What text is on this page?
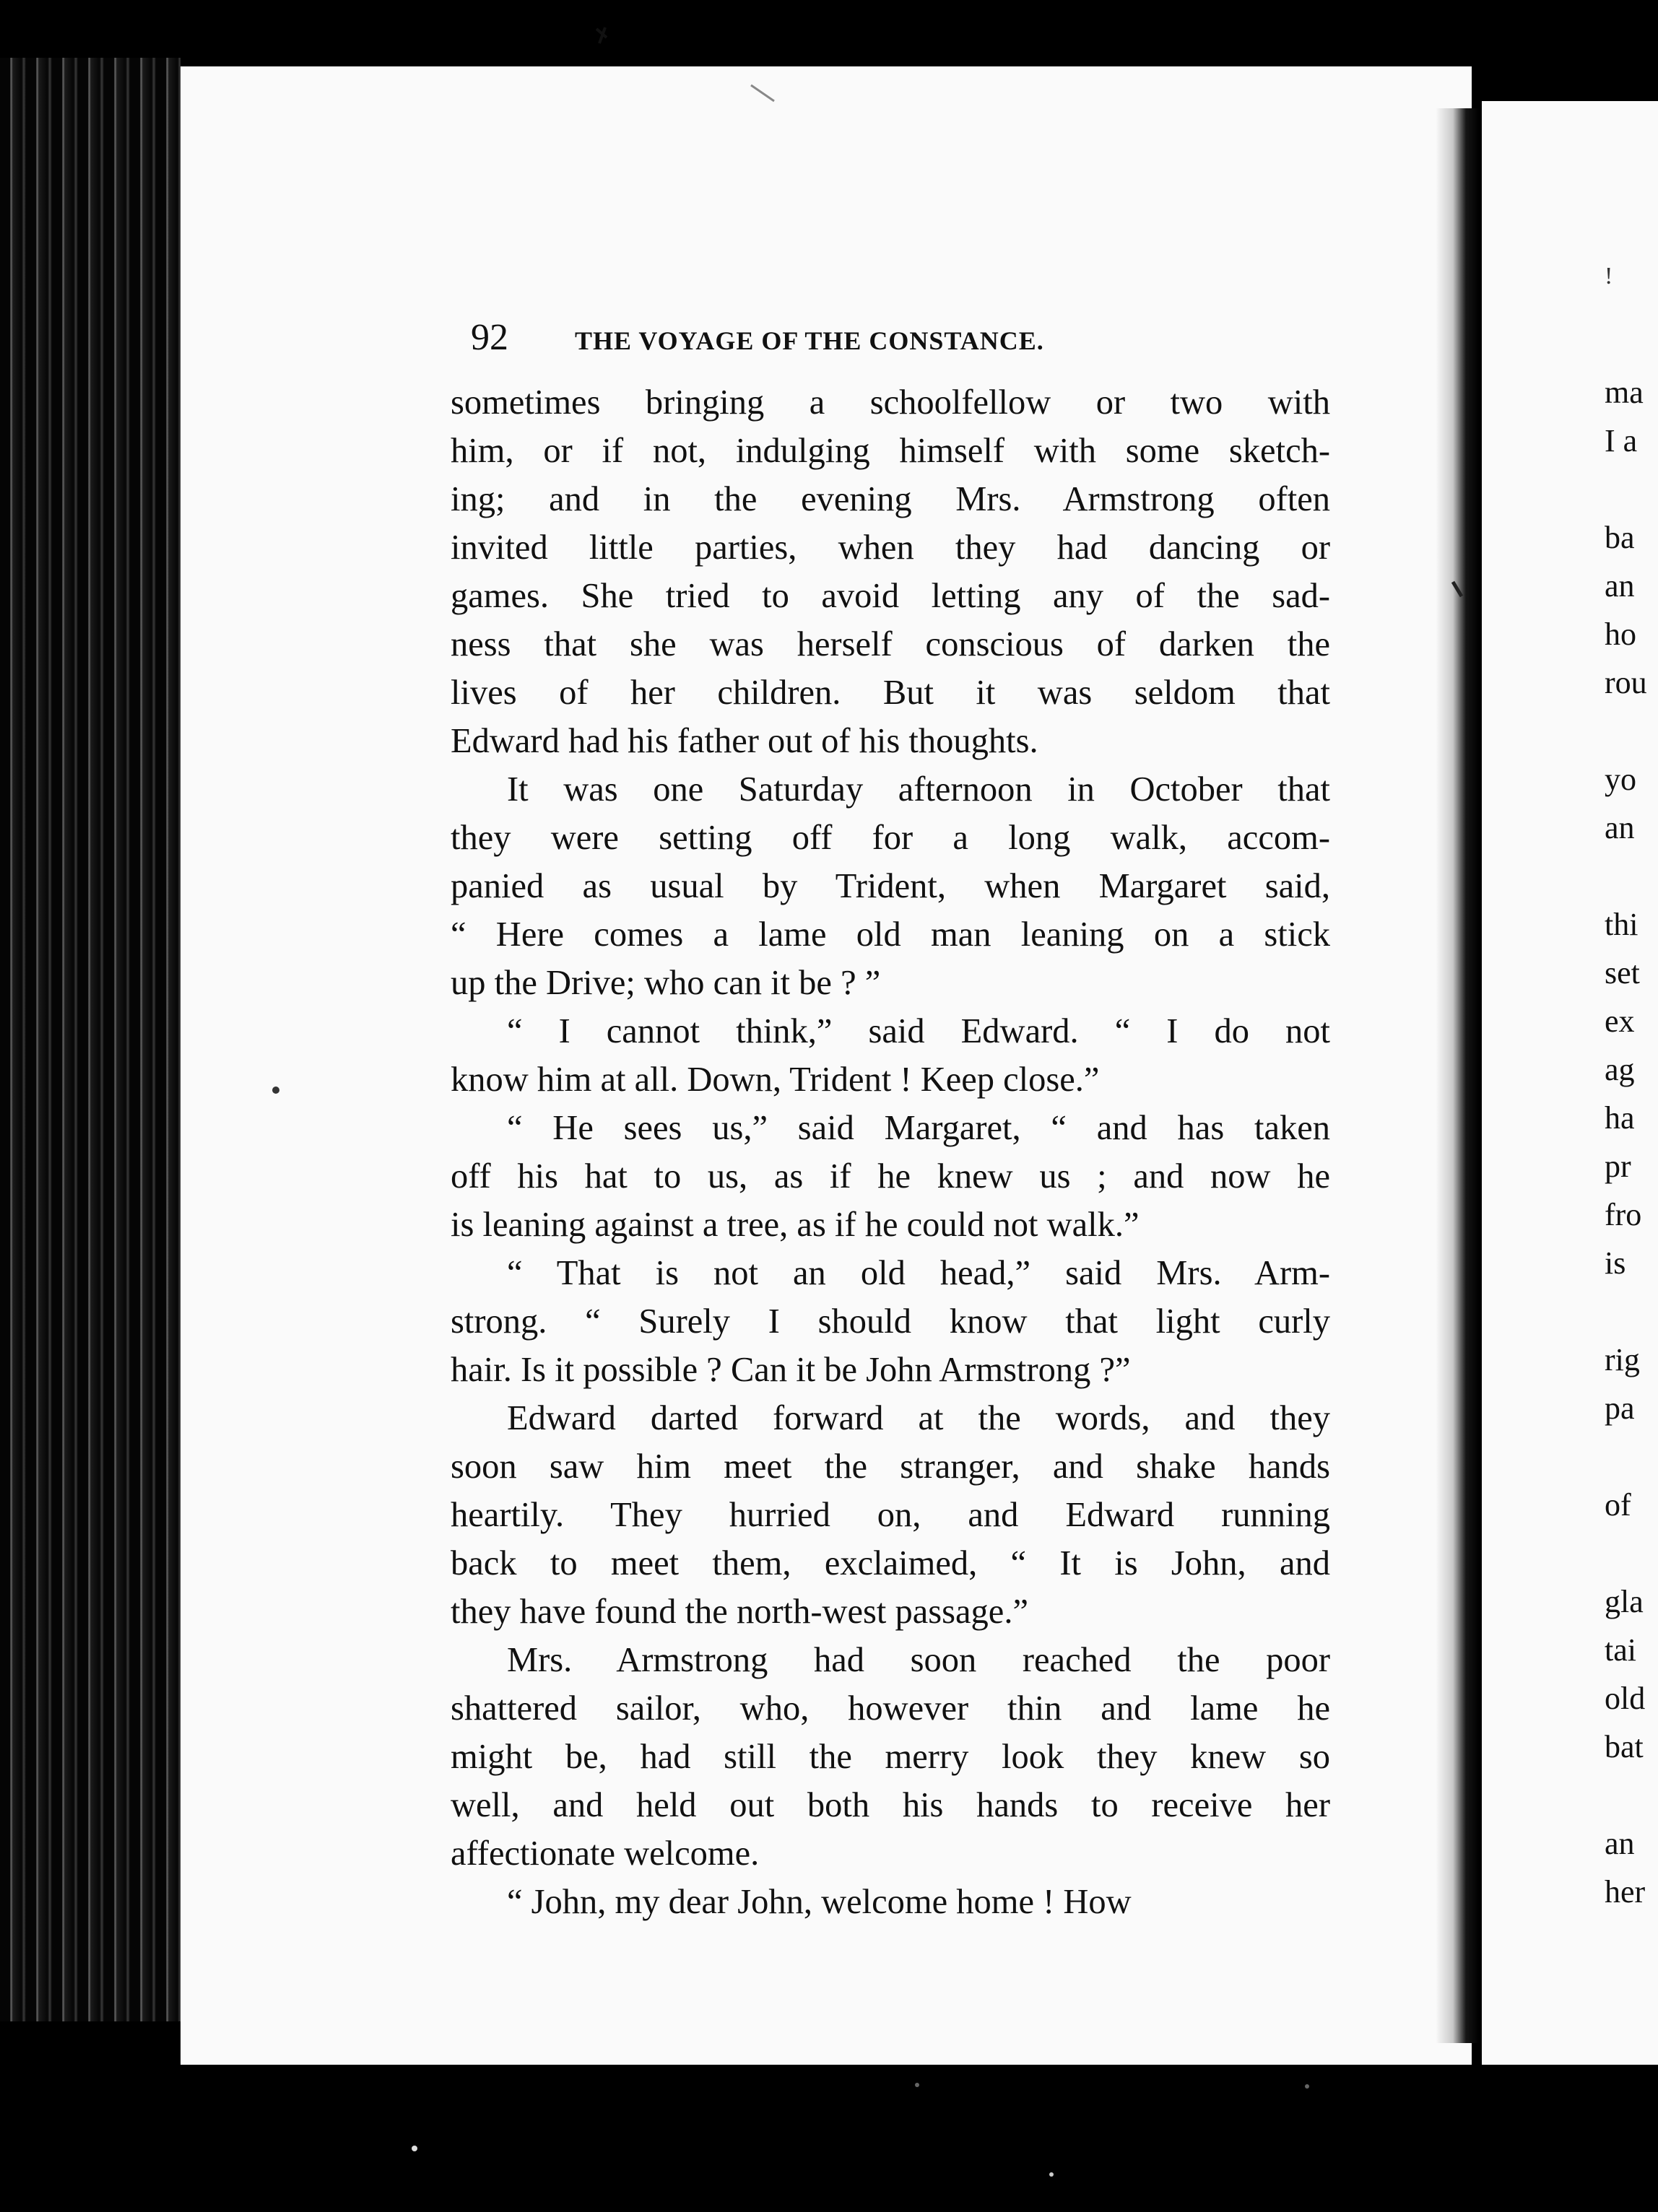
92	THE VOYAGE OF THE CONSTANCE.

sometimes bringing a schoolfellow or two with

him, or if not, indulging himself with some sketch-

ing; and in the evening Mrs. Armstrong often

invited little parties, when they had dancing or

games. She tried to avoid letting any of the sad-

ness that she was herself conscious of darken the

lives of her children. But it was seldom that

Edward had his father out of his thoughts.

It was one Saturday afternoon in October that

they were setting off for a long walk, accom-

panied as usual by Trident, when Margaret said,

“ Here comes a lame old man leaning on a stick

up the Drive; who can it be ? ”

“ I cannot think,” said Edward. “ I do not

know him at all. Down, Trident ! Keep close.”

“ He sees us,” said Margaret, “ and has taken

off his hat to us, as if he knew us ; and now he

is leaning against a tree, as if he could not walk.”

“ That is not an old head,” said Mrs. Arm-

strong. “ Surely I should know that light curly

hair. Is it possible ? Can it be John Armstrong ?”

Edward darted forward at the words, and they

soon saw him meet the stranger, and shake hands

heartily. They hurried on, and Edward running

back to meet them, exclaimed, “ It is John, and

they have found the north-west passage.”

Mrs. Armstrong had soon reached the poor

shattered sailor, who, however thin and lame he

might be, had still the merry look they knew so

well, and held out both his hands to receive her

affectionate welcome.

“ John, my dear John, welcome home ! How

!
ma
I a
ba
an
ho
rou
yo
an
thi
set
ex
ag
ha
pr
fro
is
rig
pa
of
gla
tai
old
bat
an
her
